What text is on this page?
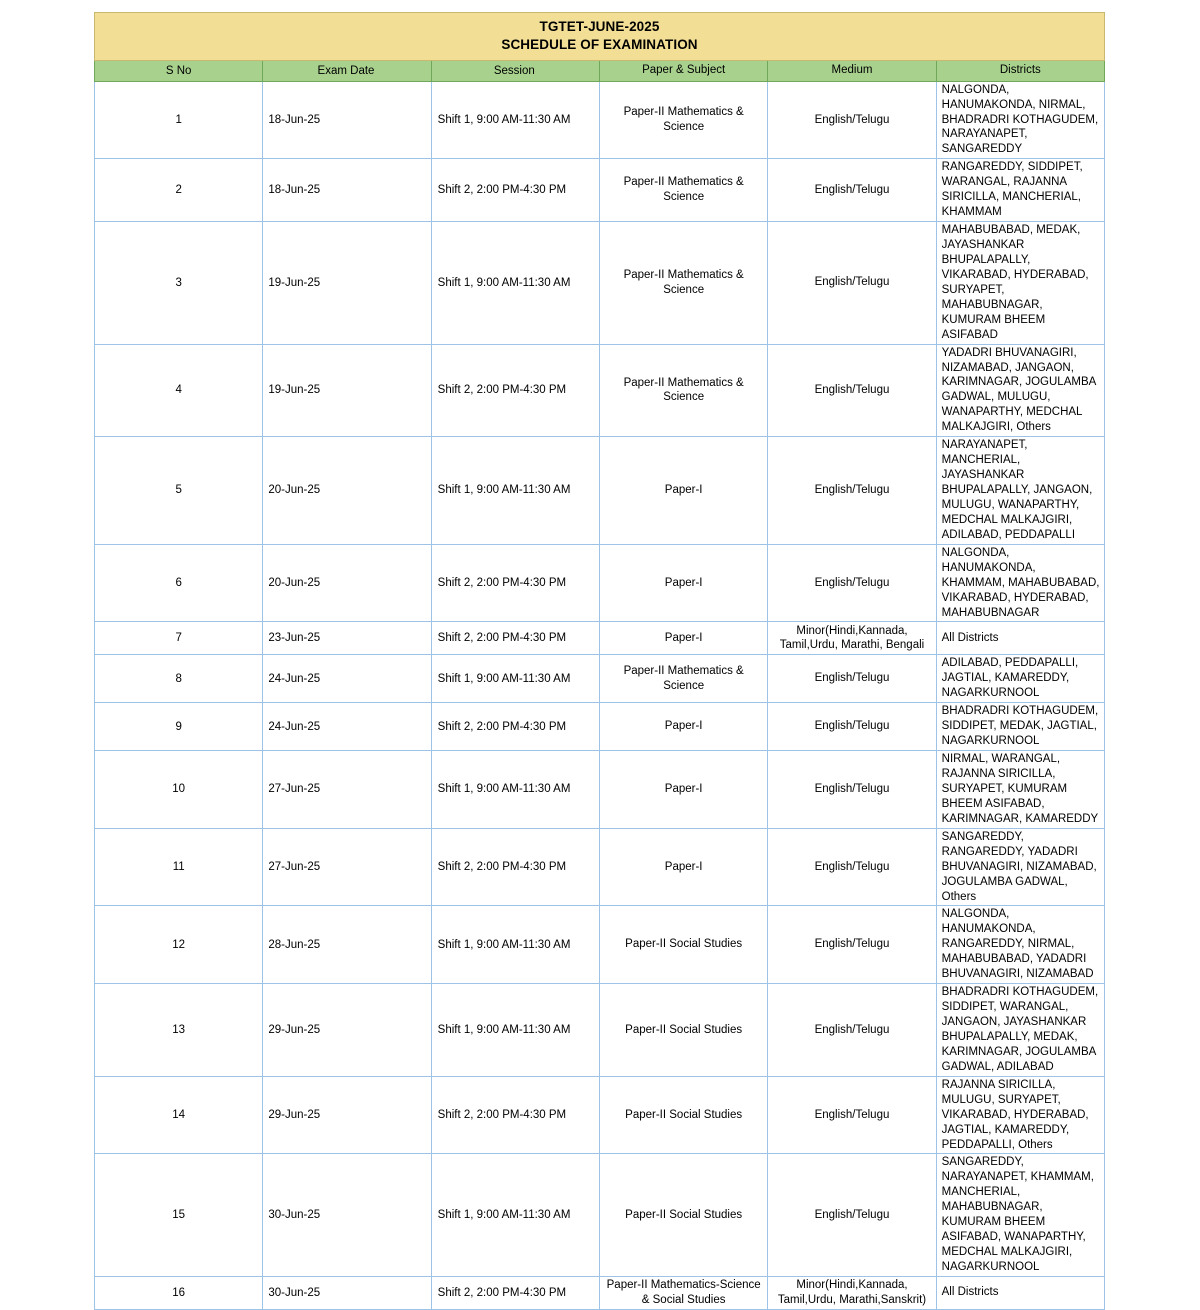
TGTET-JUNE-2025
SCHEDULE OF EXAMINATION					

S No	Exam Date	Session	Paper & Subject	Medium	Districts
1	18-Jun-25	Shift 1, 9:00 AM-11:30 AM	Paper-II Mathematics & Science	English/Telugu	NALGONDA, HANUMAKONDA, NIRMAL, BHADRADRI KOTHAGUDEM, NARAYANAPET, SANGAREDDY
2	18-Jun-25	Shift 2, 2:00 PM-4:30 PM	Paper-II Mathematics & Science	English/Telugu	RANGAREDDY, SIDDIPET, WARANGAL, RAJANNA SIRICILLA, MANCHERIAL, KHAMMAM
3	19-Jun-25	Shift 1, 9:00 AM-11:30 AM	Paper-II Mathematics & Science	English/Telugu	MAHABUBABAD, MEDAK, JAYASHANKAR BHUPALAPALLY, VIKARABAD, HYDERABAD, SURYAPET, MAHABUBNAGAR, KUMURAM BHEEM ASIFABAD
4	19-Jun-25	Shift 2, 2:00 PM-4:30 PM	Paper-II Mathematics & Science	English/Telugu	YADADRI BHUVANAGIRI, NIZAMABAD, JANGAON, KARIMNAGAR, JOGULAMBA GADWAL, MULUGU, WANAPARTHY, MEDCHAL MALKAJGIRI, Others
5	20-Jun-25	Shift 1, 9:00 AM-11:30 AM	Paper-I	English/Telugu	NARAYANAPET, MANCHERIAL, JAYASHANKAR BHUPALAPALLY, JANGAON, MULUGU, WANAPARTHY, MEDCHAL MALKAJGIRI, ADILABAD, PEDDAPALLI
6	20-Jun-25	Shift 2, 2:00 PM-4:30 PM	Paper-I	English/Telugu	NALGONDA, HANUMAKONDA, KHAMMAM, MAHABUBABAD, VIKARABAD, HYDERABAD, MAHABUBNAGAR
7	23-Jun-25	Shift 2, 2:00 PM-4:30 PM	Paper-I	Minor(Hindi,Kannada, Tamil,Urdu, Marathi, Bengali	All Districts
8	24-Jun-25	Shift 1, 9:00 AM-11:30 AM	Paper-II Mathematics & Science	English/Telugu	ADILABAD, PEDDAPALLI, JAGTIAL, KAMAREDDY, NAGARKURNOOL
9	24-Jun-25	Shift 2, 2:00 PM-4:30 PM	Paper-I	English/Telugu	BHADRADRI KOTHAGUDEM, SIDDIPET, MEDAK, JAGTIAL, NAGARKURNOOL
10	27-Jun-25	Shift 1, 9:00 AM-11:30 AM	Paper-I	English/Telugu	NIRMAL, WARANGAL, RAJANNA SIRICILLA, SURYAPET, KUMURAM BHEEM ASIFABAD, KARIMNAGAR, KAMAREDDY
11	27-Jun-25	Shift 2, 2:00 PM-4:30 PM	Paper-I	English/Telugu	SANGAREDDY, RANGAREDDY, YADADRI BHUVANAGIRI, NIZAMABAD, JOGULAMBA GADWAL, Others
12	28-Jun-25	Shift 1, 9:00 AM-11:30 AM	Paper-II Social Studies	English/Telugu	NALGONDA, HANUMAKONDA, RANGAREDDY, NIRMAL, MAHABUBABAD, YADADRI BHUVANAGIRI, NIZAMABAD
13	29-Jun-25	Shift 1, 9:00 AM-11:30 AM	Paper-II Social Studies	English/Telugu	BHADRADRI KOTHAGUDEM, SIDDIPET, WARANGAL, JANGAON, JAYASHANKAR BHUPALAPALLY, MEDAK, KARIMNAGAR, JOGULAMBA GADWAL, ADILABAD
14	29-Jun-25	Shift 2, 2:00 PM-4:30 PM	Paper-II Social Studies	English/Telugu	RAJANNA SIRICILLA, MULUGU, SURYAPET, VIKARABAD, HYDERABAD, JAGTIAL, KAMAREDDY, PEDDAPALLI, Others
15	30-Jun-25	Shift 1, 9:00 AM-11:30 AM	Paper-II Social Studies	English/Telugu	SANGAREDDY, NARAYANAPET, KHAMMAM, MANCHERIAL, MAHABUBNAGAR, KUMURAM BHEEM ASIFABAD, WANAPARTHY, MEDCHAL MALKAJGIRI, NAGARKURNOOL
16	30-Jun-25	Shift 2, 2:00 PM-4:30 PM	Paper-II Mathematics-Science & Social Studies	Minor(Hindi,Kannada, Tamil,Urdu, Marathi,Sanskrit)	All Districts
